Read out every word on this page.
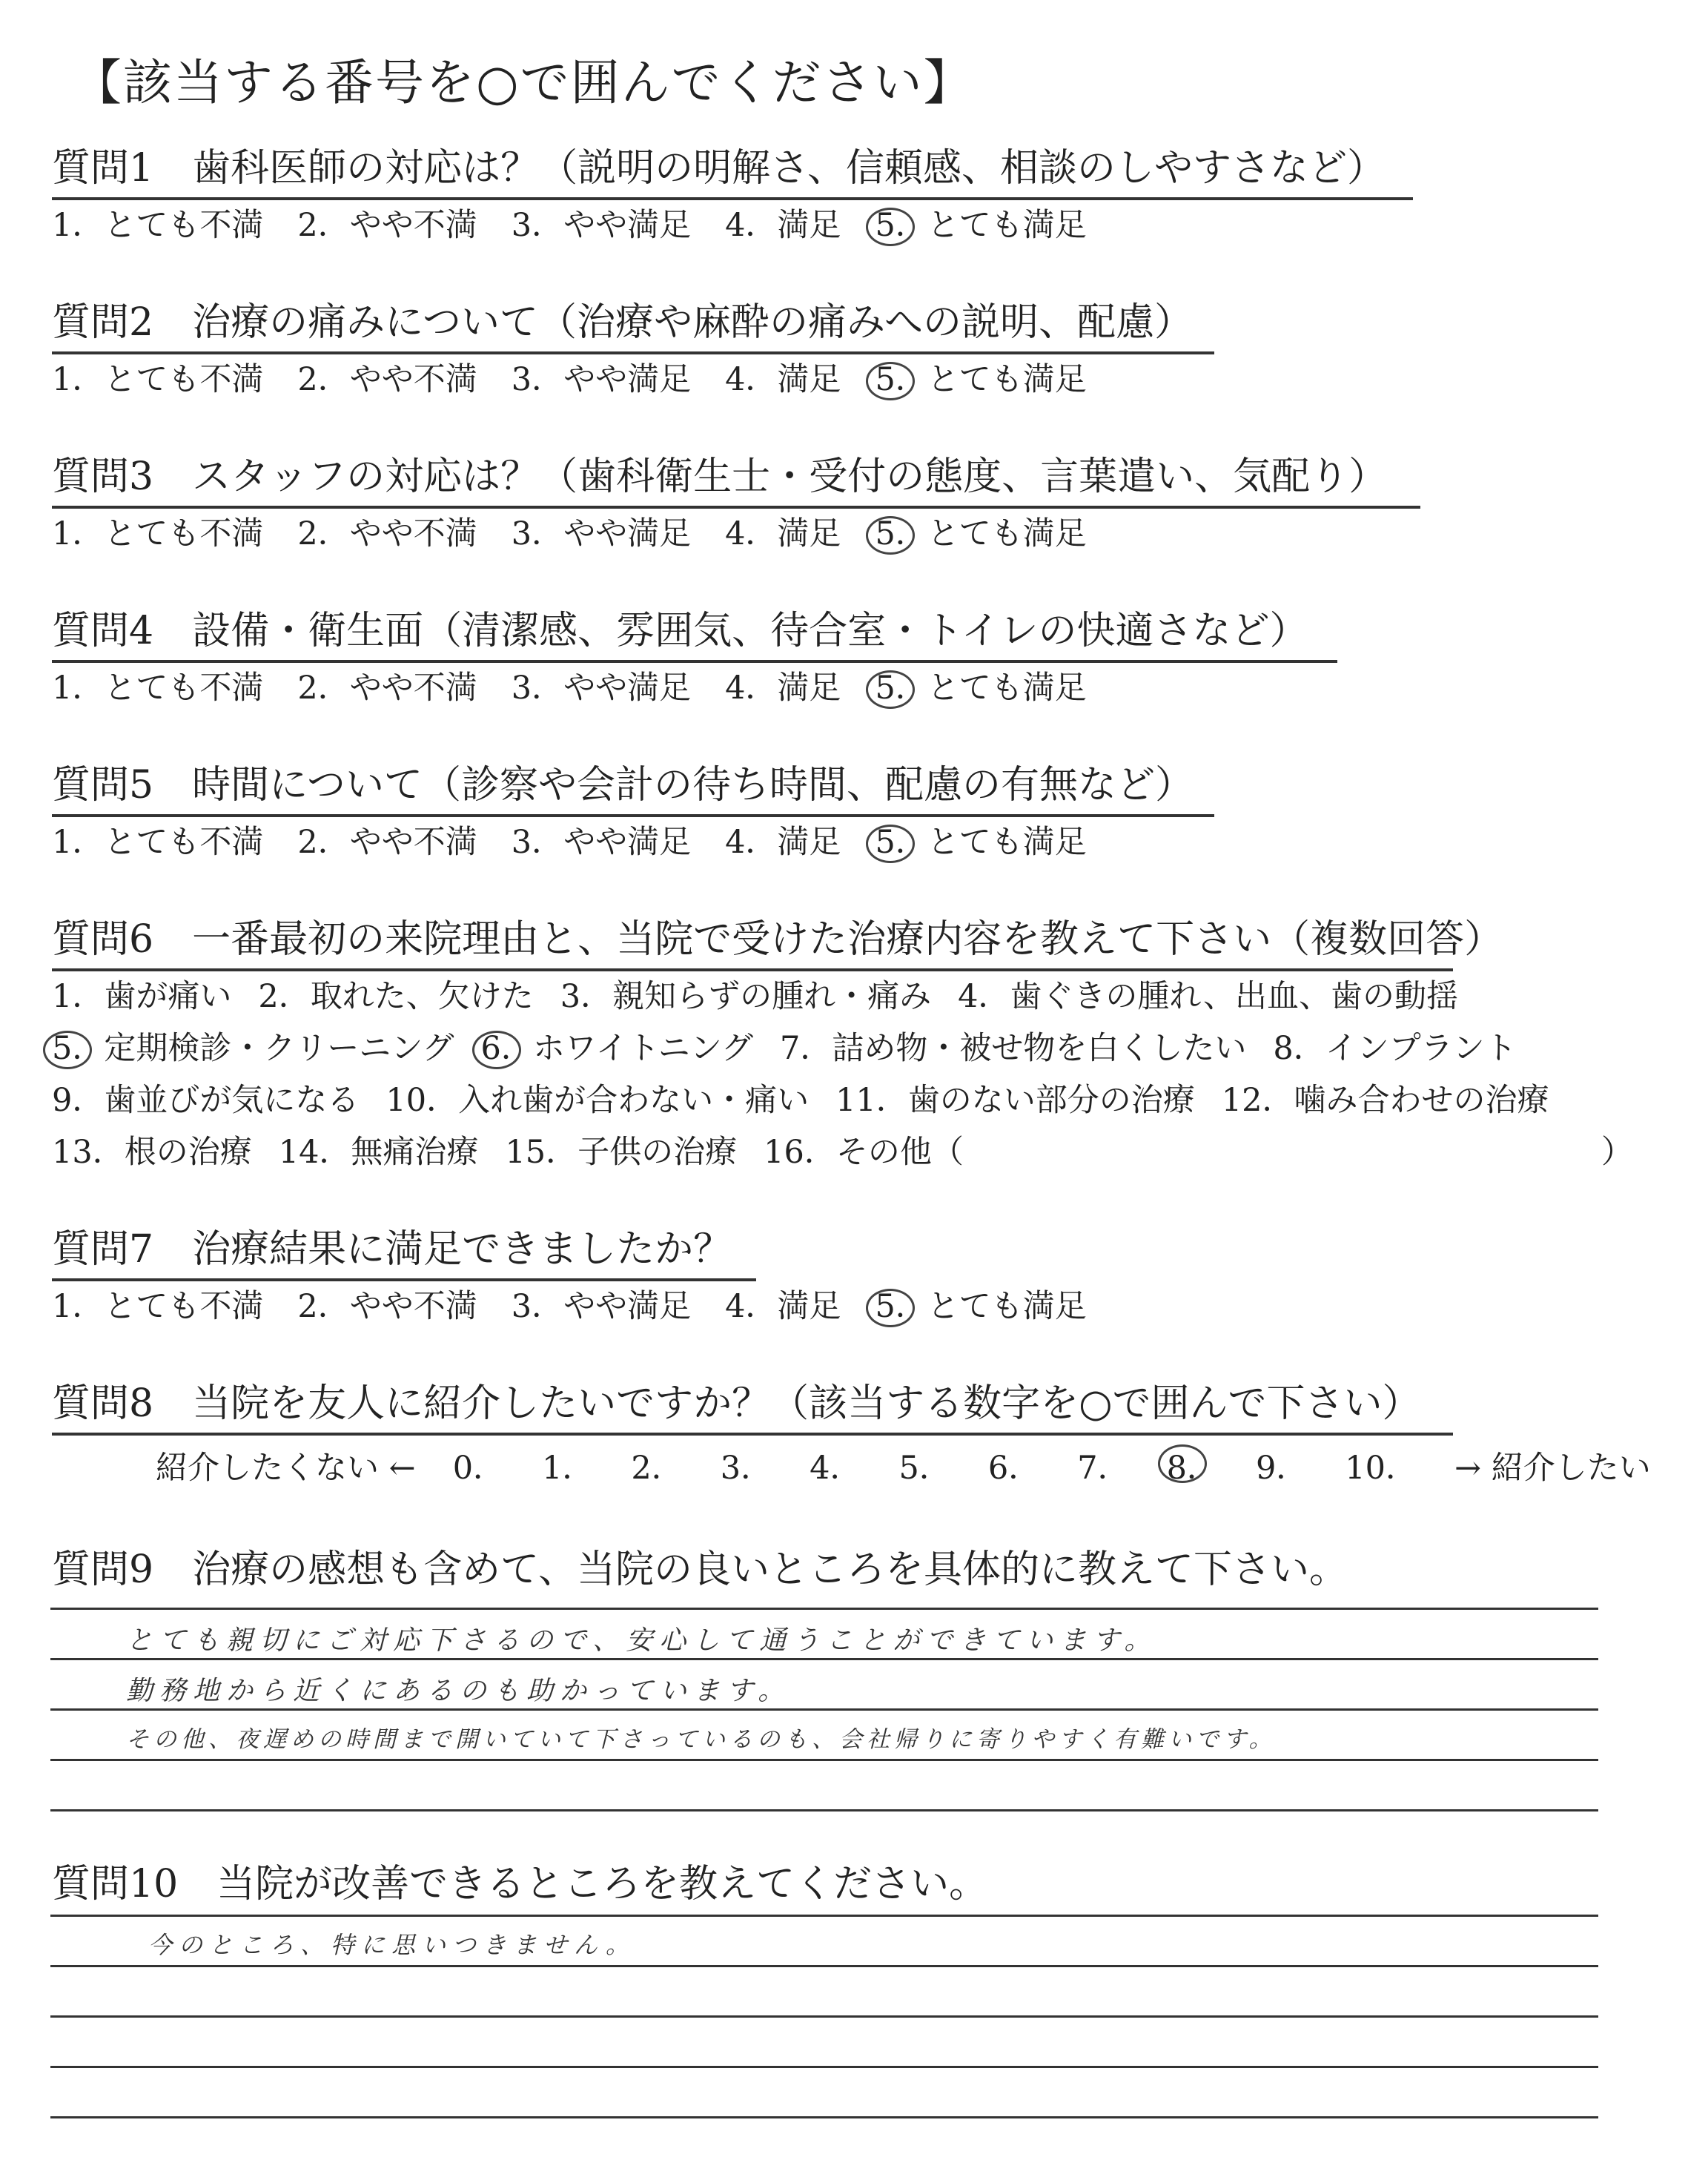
【該当する番号を○で囲んでください】
質問1　歯科医師の対応は？（説明の明解さ、信頼感、相談のしやすさなど）
1．とても不満 2．やや不満 3．やや満足 4．満足 5．とても満足
質問2　治療の痛みについて（治療や麻酔の痛みへの説明、配慮）
1．とても不満 2．やや不満 3．やや満足 4．満足 5．とても満足
質問3　スタッフの対応は？（歯科衛生士・受付の態度、言葉遣い、気配り）
1．とても不満 2．やや不満 3．やや満足 4．満足 5．とても満足
質問4　設備・衛生面（清潔感、雰囲気、待合室・トイレの快適さなど）
1．とても不満 2．やや不満 3．やや満足 4．満足 5．とても満足
質問5　時間について（診察や会計の待ち時間、配慮の有無など）
1．とても不満 2．やや不満 3．やや満足 4．満足 5．とても満足
質問6　一番最初の来院理由と、当院で受けた治療内容を教えて下さい（複数回答）
1．歯が痛い 2．取れた、欠けた 3．親知らずの腫れ・痛み 4．歯ぐきの腫れ、出血、歯の動揺
5．定期検診・クリーニング 6．ホワイトニング 7．詰め物・被せ物を白くしたい 8．インプラント
9．歯並びが気になる 10．入れ歯が合わない・痛い 11．歯のない部分の治療 12．噛み合わせの治療
13．根の治療 14．無痛治療 15．子供の治療 16．その他（	）
質問7　治療結果に満足できましたか？
1．とても不満 2．やや不満 3．やや満足 4．満足 5．とても満足
質問8　当院を友人に紹介したいですか？（該当する数字を○で囲んで下さい）
紹介したくない ← 0． 1． 2． 3． 4． 5． 6． 7． 8． 9． 10． → 紹介したい
質問9　治療の感想も含めて、当院の良いところを具体的に教えて下さい。
とても親切にご対応下さるので、安心して通うことができています。
勤務地から近くにあるのも助かっています。
その他、夜遅めの時間まで開いていて下さっているのも、会社帰りに寄りやすく有難いです。
質問10　当院が改善できるところを教えてください。
今のところ、特に思いつきません。
